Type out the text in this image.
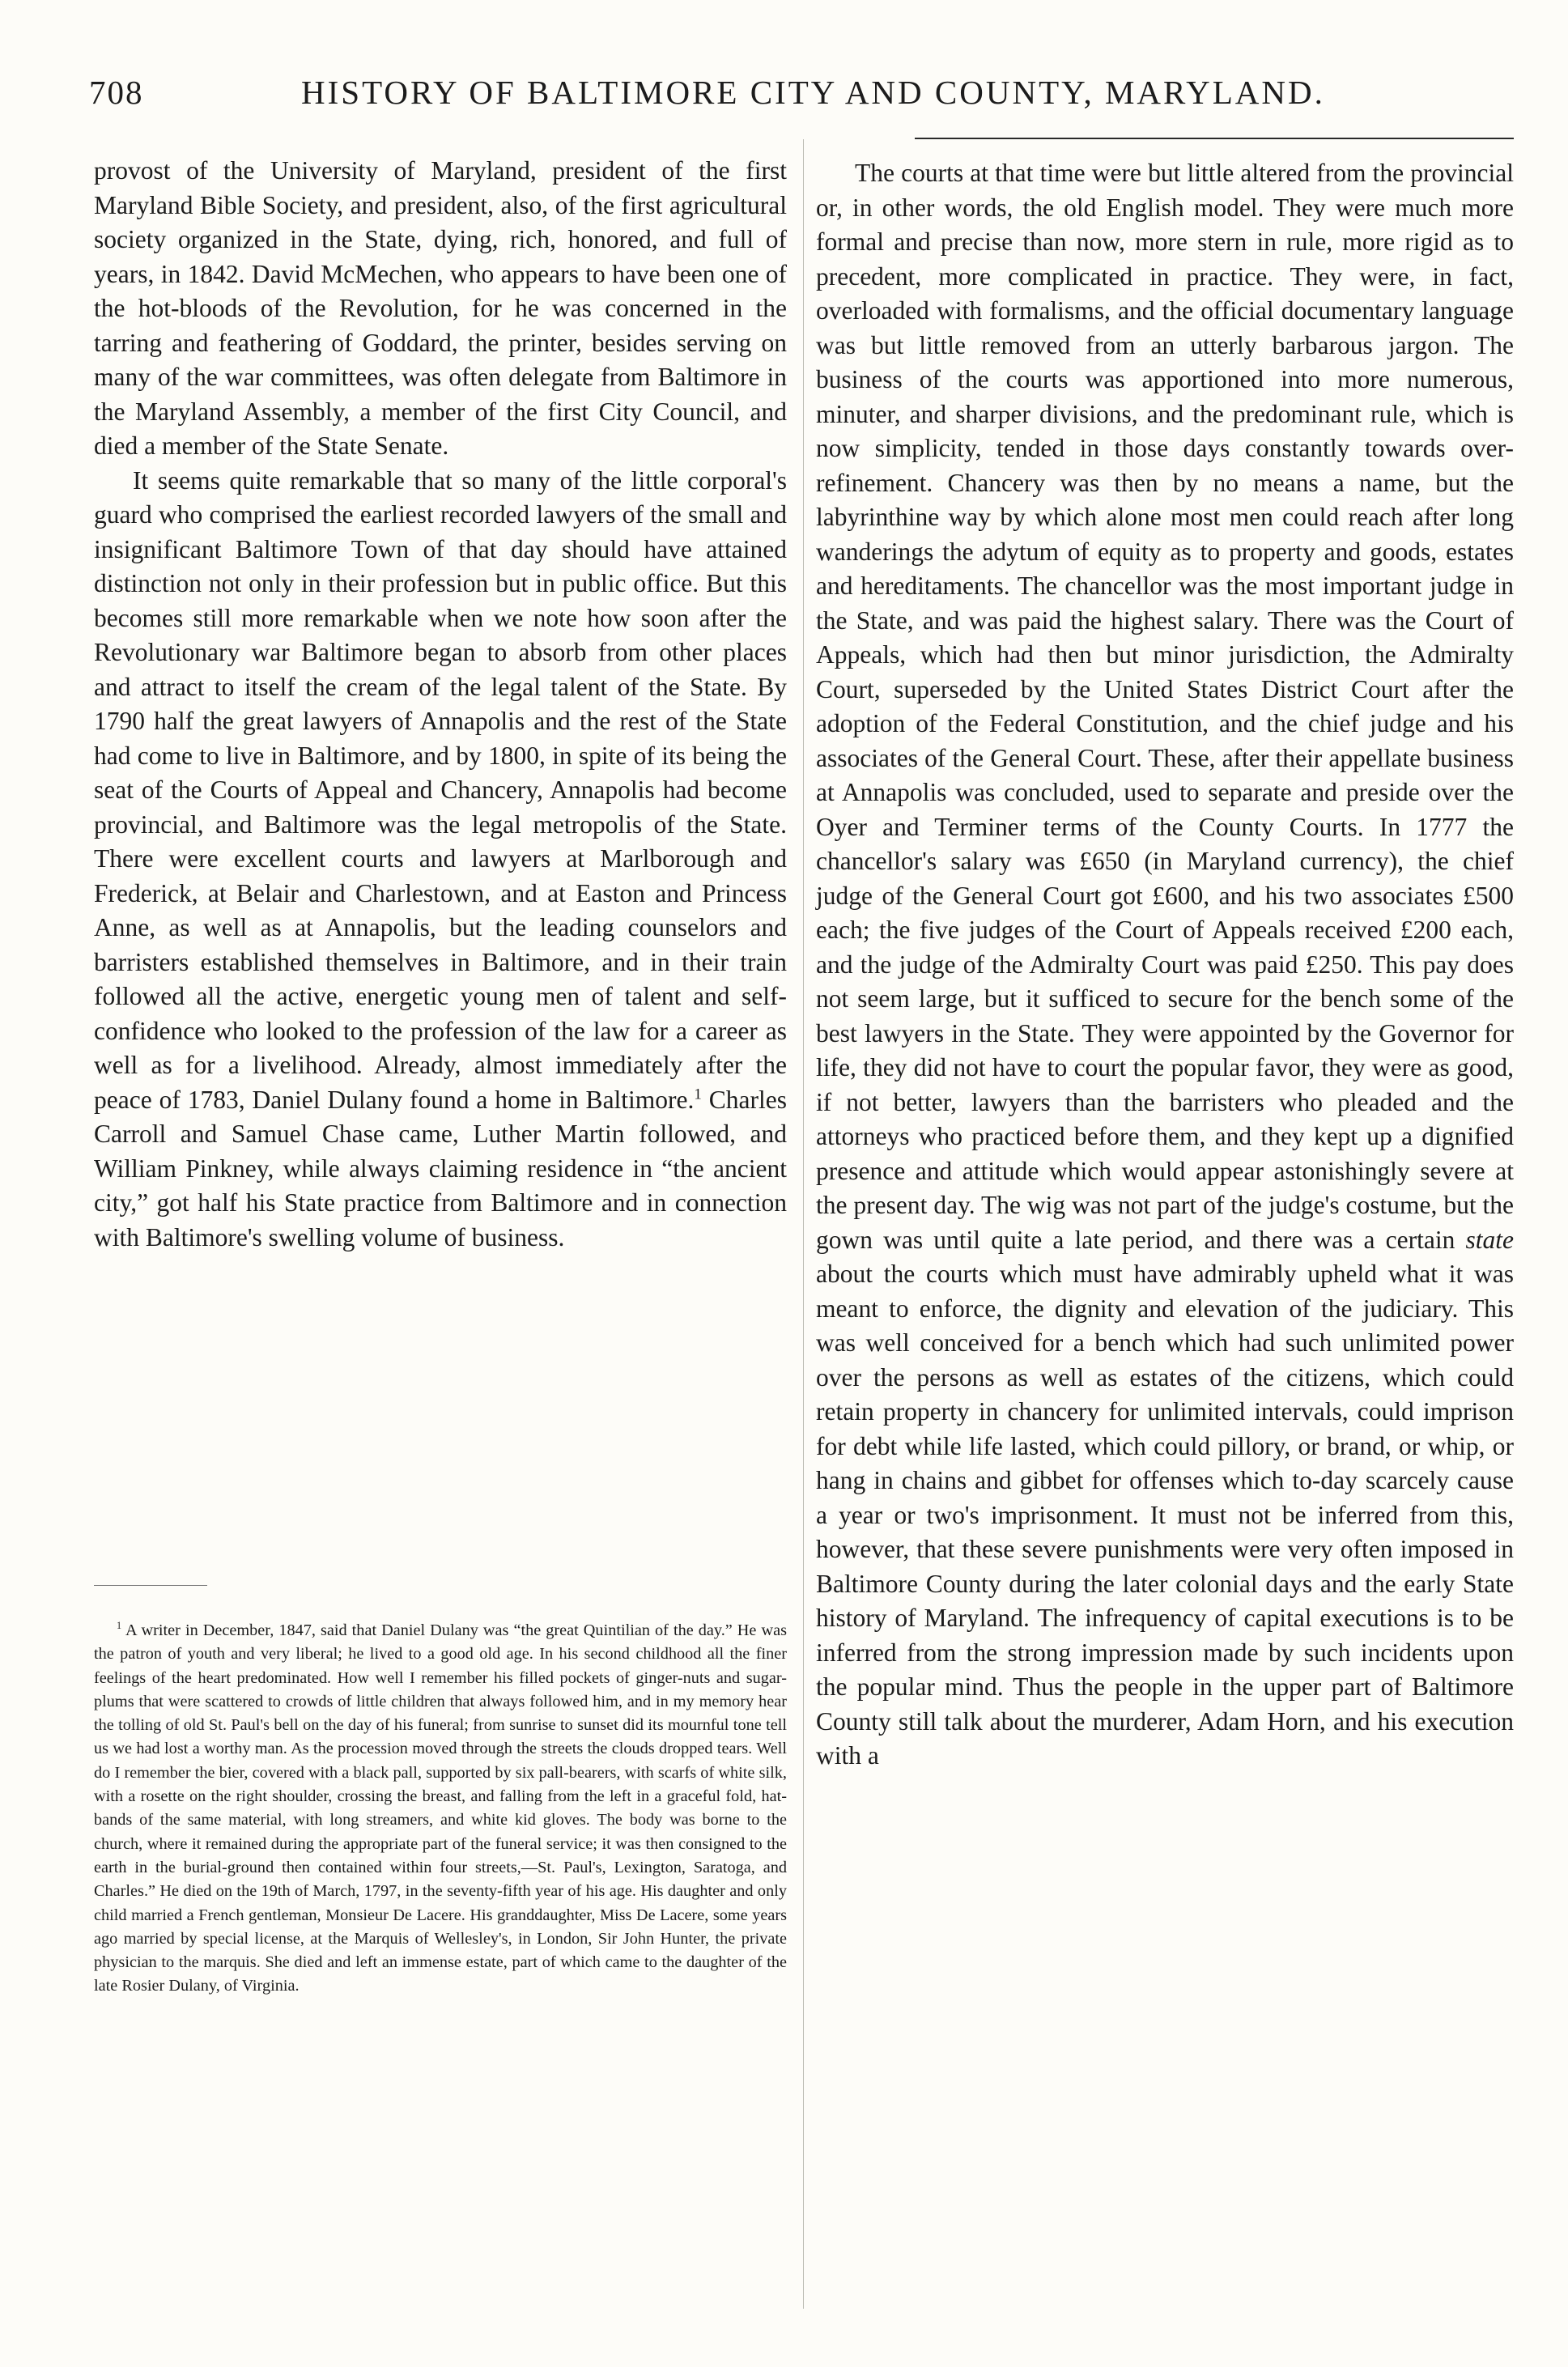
708	HISTORY OF BALTIMORE CITY AND COUNTY, MARYLAND.

provost of the University of Maryland, president of the first Maryland Bible Society, and president, also, of the first agricultural society organized in the State, dying, rich, honored, and full of years, in 1842. David McMechen, who appears to have been one of the hot-bloods of the Revolution, for he was concerned in the tarring and feathering of Goddard, the printer, besides serving on many of the war committees, was often delegate from Baltimore in the Maryland Assembly, a member of the first City Council, and died a member of the State Senate.

It seems quite remarkable that so many of the little corporal's guard who comprised the earliest recorded lawyers of the small and insignificant Baltimore Town of that day should have attained distinction not only in their profession but in public office. But this becomes still more remarkable when we note how soon after the Revolutionary war Baltimore began to absorb from other places and attract to itself the cream of the legal talent of the State. By 1790 half the great lawyers of Annapolis and the rest of the State had come to live in Baltimore, and by 1800, in spite of its being the seat of the Courts of Appeal and Chancery, Annapolis had become provincial, and Baltimore was the legal metropolis of the State. There were excellent courts and lawyers at Marlborough and Frederick, at Belair and Charlestown, and at Easton and Princess Anne, as well as at Annapolis, but the leading counselors and barristers established themselves in Baltimore, and in their train followed all the active, energetic young men of talent and self-confidence who looked to the profession of the law for a career as well as for a livelihood. Already, almost immediately after the peace of 1783, Daniel Dulany found a home in Baltimore.$^1$ Charles Carroll and Samuel Chase came, Luther Martin followed, and William Pinkney, while always claiming residence in “the ancient city,” got half his State practice from Baltimore and in connection with Baltimore's swelling volume of business.

$^1$ A writer in December, 1847, said that Daniel Dulany was “the great Quintilian of the day.” He was the patron of youth and very liberal; he lived to a good old age. In his second childhood all the finer feelings of the heart predominated. How well I remember his filled pockets of ginger-nuts and sugar-plums that were scattered to crowds of little children that always followed him, and in my memory hear the tolling of old St. Paul's bell on the day of his funeral; from sunrise to sunset did its mournful tone tell us we had lost a worthy man. As the procession moved through the streets the clouds dropped tears. Well do I remember the bier, covered with a black pall, supported by six pall-bearers, with scarfs of white silk, with a rosette on the right shoulder, crossing the breast, and falling from the left in a graceful fold, hat-bands of the same material, with long streamers, and white kid gloves. The body was borne to the church, where it remained during the appropriate part of the funeral service; it was then consigned to the earth in the burial-ground then contained within four streets,—St. Paul's, Lexington, Saratoga, and Charles.” He died on the 19th of March, 1797, in the seventy-fifth year of his age. His daughter and only child married a French gentleman, Monsieur De Lacere. His granddaughter, Miss De Lacere, some years ago married by special license, at the Marquis of Wellesley's, in London, Sir John Hunter, the private physician to the marquis. She died and left an immense estate, part of which came to the daughter of the late Rosier Dulany, of Virginia.

The courts at that time were but little altered from the provincial or, in other words, the old English model. They were much more formal and precise than now, more stern in rule, more rigid as to precedent, more complicated in practice. They were, in fact, overloaded with formalisms, and the official documentary language was but little removed from an utterly barbarous jargon. The business of the courts was apportioned into more numerous, minuter, and sharper divisions, and the predominant rule, which is now simplicity, tended in those days constantly towards over-refinement. Chancery was then by no means a name, but the labyrinthine way by which alone most men could reach after long wanderings the adytum of equity as to property and goods, estates and hereditaments. The chancellor was the most important judge in the State, and was paid the highest salary. There was the Court of Appeals, which had then but minor jurisdiction, the Admiralty Court, superseded by the United States District Court after the adoption of the Federal Constitution, and the chief judge and his associates of the General Court. These, after their appellate business at Annapolis was concluded, used to separate and preside over the Oyer and Terminer terms of the County Courts. In 1777 the chancellor's salary was £650 (in Maryland currency), the chief judge of the General Court got £600, and his two associates £500 each; the five judges of the Court of Appeals received £200 each, and the judge of the Admiralty Court was paid £250. This pay does not seem large, but it sufficed to secure for the bench some of the best lawyers in the State. They were appointed by the Governor for life, they did not have to court the popular favor, they were as good, if not better, lawyers than the barristers who pleaded and the attorneys who practiced before them, and they kept up a dignified presence and attitude which would appear astonishingly severe at the present day. The wig was not part of the judge's costume, but the gown was until quite a late period, and there was a certain state about the courts which must have admirably upheld what it was meant to enforce, the dignity and elevation of the judiciary. This was well conceived for a bench which had such unlimited power over the persons as well as estates of the citizens, which could retain property in chancery for unlimited intervals, could imprison for debt while life lasted, which could pillory, or brand, or whip, or hang in chains and gibbet for offenses which to-day scarcely cause a year or two's imprisonment. It must not be inferred from this, however, that these severe punishments were very often imposed in Baltimore County during the later colonial days and the early State history of Maryland. The infrequency of capital executions is to be inferred from the strong impression made by such incidents upon the popular mind. Thus the people in the upper part of Baltimore County still talk about the murderer, Adam Horn, and his execution with a
